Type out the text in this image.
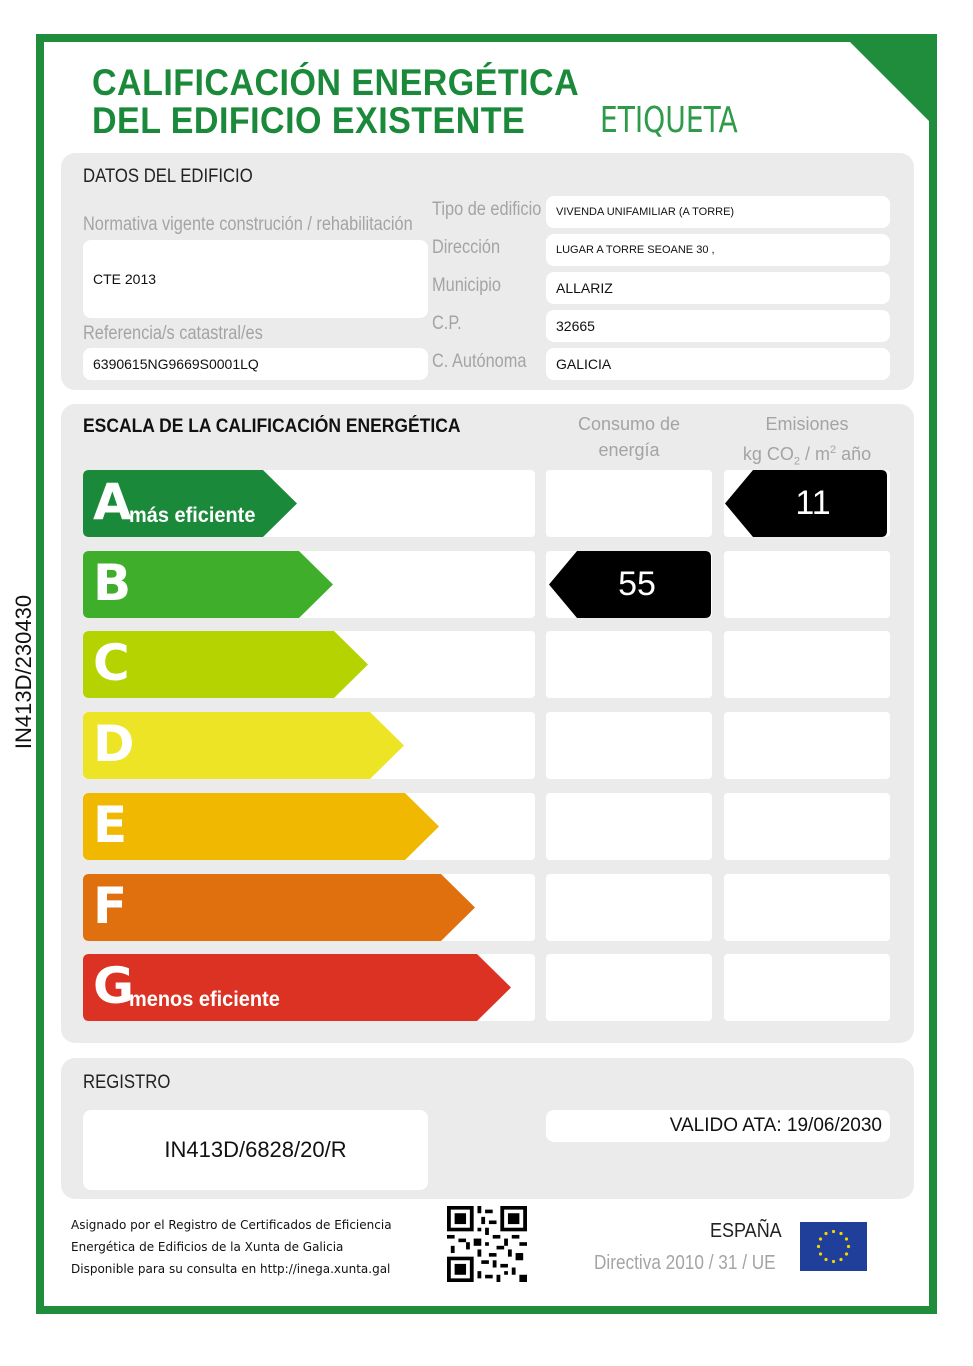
IN413D/230430
CALIFICACIÓN ENERGÉTICA
DEL EDIFICIO EXISTENTE	ETIQUETA
DATOS DEL EDIFICIO
Normativa vigente construción / rehabilitación
CTE 2013
Referencia/s catastral/es
6390615NG9669S0001LQ
Tipo de edificio	VIVENDA UNIFAMILIAR (A TORRE)
Dirección	LUGAR A TORRE SEOANE 30 ,
Municipio	ALLARIZ
C.P.	32665
C. Autónoma	GALICIA
ESCALA DE LA CALIFICACIÓN ENERGÉTICA	Consumo de energía
Emisiones
kg $CO_2 / m^2$ año
A
más eficiente
B
C
D
E
F
G
menos eficiente
55
11
REGISTRO
IN413D/6828/20/R
VALIDO ATA: 19/06/2030
Asignado por el Registro de Certificados de Eficiencia
Energética de Edificios de la Xunta de Galicia
Disponible para su consulta en http://inega.xunta.gal
ESPAÑA
Directiva 2010 / 31 / UE
